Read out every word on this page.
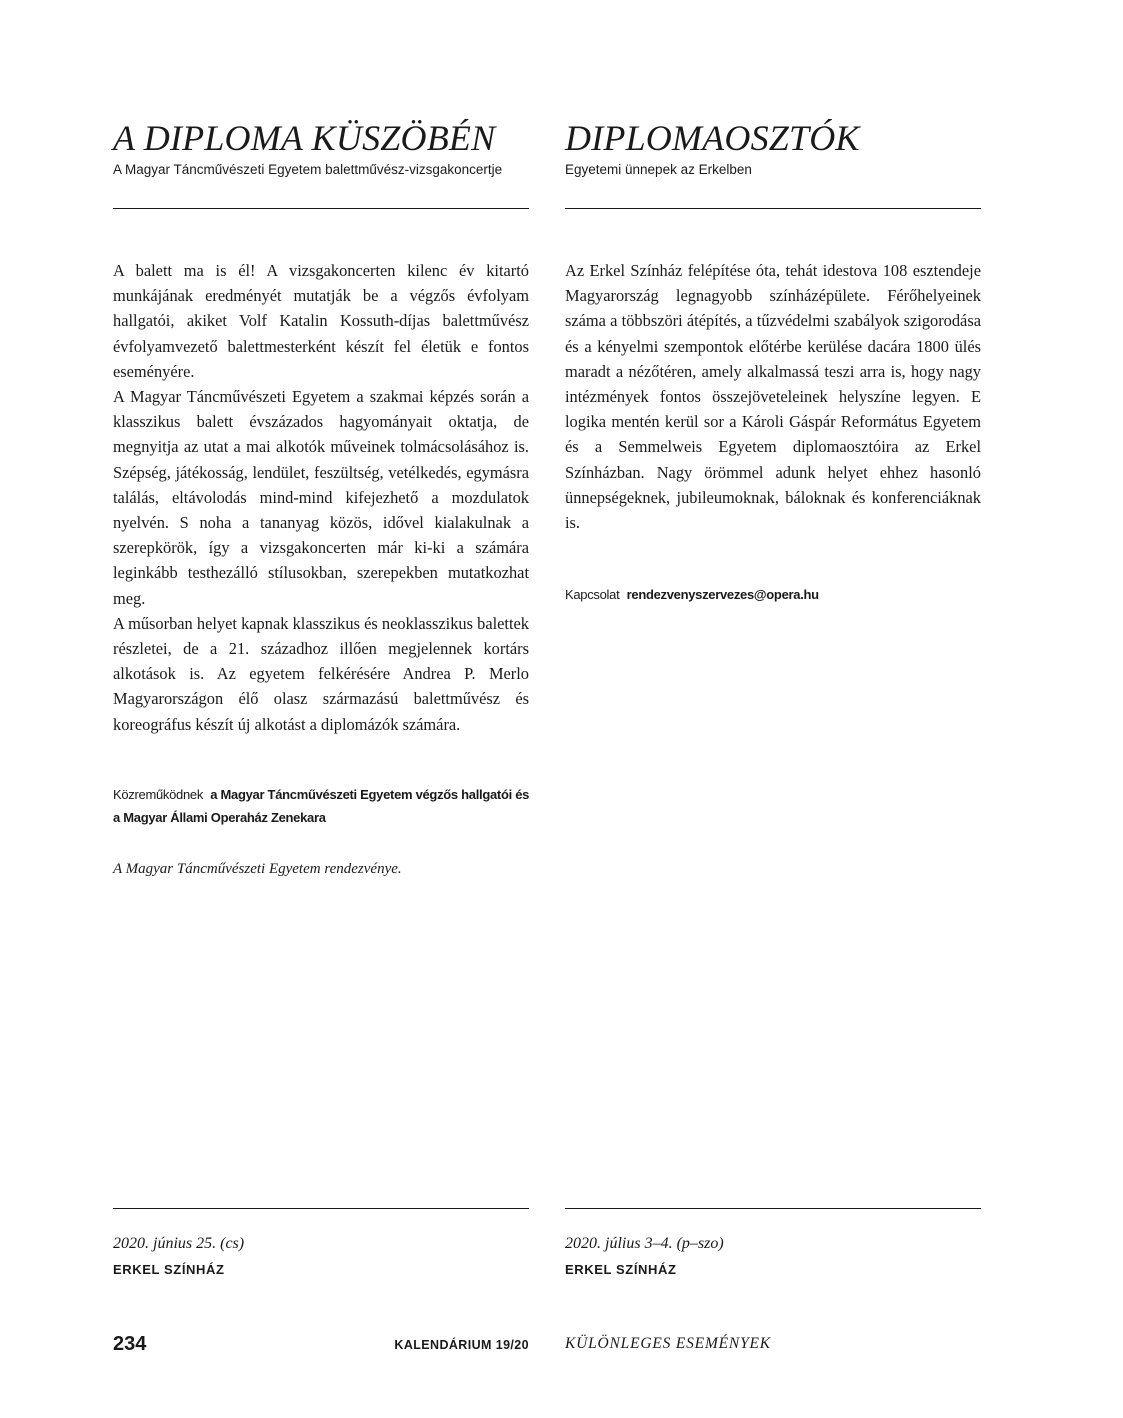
A DIPLOMA KÜSZÖBÉN
A Magyar Táncművészeti Egyetem balettművész-vizsgakoncertje

A balett ma is él! A vizsgakoncerten kilenc év kitartó munkájának eredményét mutatják be a végzős évfolyam hallgatói, akiket Volf Katalin Kossuth-díjas balettművész évfolyamvezető balettmesterként készít fel életük e fontos eseményére.

A Magyar Táncművészeti Egyetem a szakmai képzés során a klasszikus balett évszázados hagyományait oktatja, de megnyitja az utat a mai alkotók műveinek tolmácsolásához is. Szépség, játékosság, lendület, feszültség, vetélkedés, egymásra találás, eltávolodás mind-mind kifejezhető a mozdulatok nyelvén. S noha a tananyag közös, idővel kialakulnak a szerepkörök, így a vizsgakoncerten már ki-ki a számára leginkább testhezálló stílusokban, szerepekben mutatkozhat meg.

A műsorban helyet kapnak klasszikus és neoklasszikus balettek részletei, de a 21. századhoz illően megjelennek kortárs alkotások is. Az egyetem felkérésére Andrea P. Merlo Magyarországon élő olasz származású balettművész és koreográfus készít új alkotást a diplomázók számára.

Közreműködnek a Magyar Táncművészeti Egyetem végzős hallgatói és a Magyar Állami Operaház Zenekara
A Magyar Táncművészeti Egyetem rendezvénye.
2020. június 25. (cs)
ERKEL SZÍNHÁZ
DIPLOMAOSZTÓK
Egyetemi ünnepek az Erkelben

Az Erkel Színház felépítése óta, tehát idestova 108 esztendeje Magyarország legnagyobb színházépülete. Férőhelyeinek száma a többszöri átépítés, a tűzvédelmi szabályok szigorodása és a kényelmi szempontok előtérbe kerülése dacára 1800 ülés maradt a nézőtéren, amely alkalmassá teszi arra is, hogy nagy intézmények fontos összejöveteleinek helyszíne legyen. E logika mentén kerül sor a Károli Gáspár Református Egyetem és a Semmelweis Egyetem diplomaosztóira az Erkel Színházban. Nagy örömmel adunk helyet ehhez hasonló ünnepségeknek, jubileumoknak, báloknak és konferenciáknak is.

Kapcsolat rendezvenyszervezes@opera.hu
2020. július 3–4. (p–szo)
ERKEL SZÍNHÁZ
234	KALENDÁRIUM 19/20 KÜLÖNLEGES ESEMÉNYEK
